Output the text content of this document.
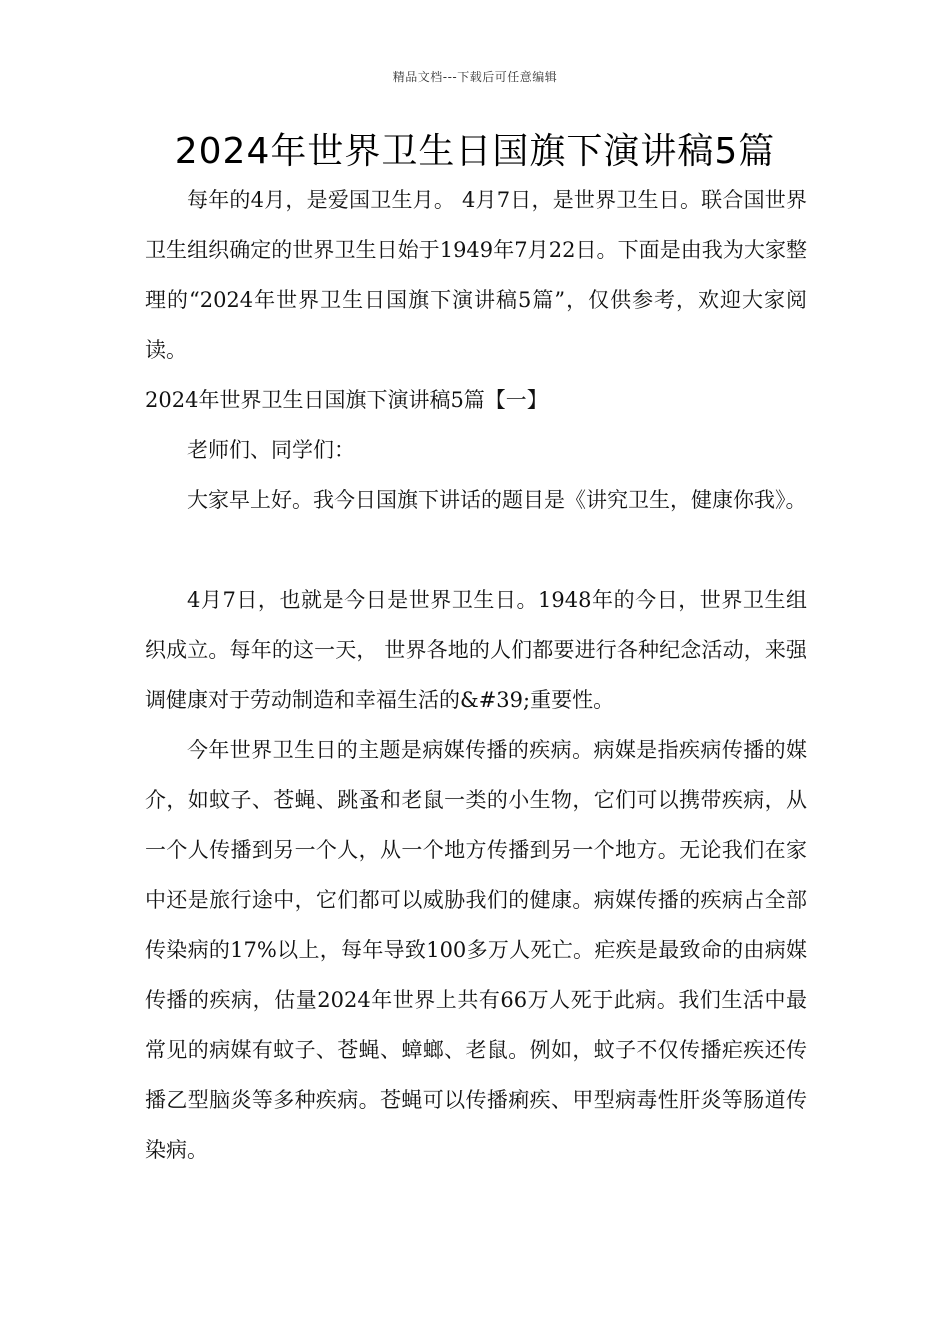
精品文档---下载后可任意编辑
2024年世界卫生日国旗下演讲稿5篇

每年的4月，是爱国卫生月。 4月7日，是世界卫生日。联合国世界卫生组织确定的世界卫生日始于1949年7月22日。下面是由我为大家整理的“2024年世界卫生日国旗下演讲稿5篇”，仅供参考，欢迎大家阅读。

2024年世界卫生日国旗下演讲稿5篇【一】

老师们、同学们：

大家早上好。我今日国旗下讲话的题目是《讲究卫生，健康你我》。

4月7日，也就是今日是世界卫生日。1948年的今日，世界卫生组织成立。每年的这一天， 世界各地的人们都要进行各种纪念活动，来强调健康对于劳动制造和幸福生活的&#39;重要性。

今年世界卫生日的主题是病媒传播的疾病。病媒是指疾病传播的媒介，如蚊子、苍蝇、跳蚤和老鼠一类的小生物，它们可以携带疾病，从一个人传播到另一个人，从一个地方传播到另一个地方。无论我们在家中还是旅行途中，它们都可以威胁我们的健康。病媒传播的疾病占全部传染病的17%以上，每年导致100多万人死亡。疟疾是最致命的由病媒传播的疾病，估量2024年世界上共有66万人死于此病。我们生活中最常见的病媒有蚊子、苍蝇、蟑螂、老鼠。例如，蚊子不仅传播疟疾还传播乙型脑炎等多种疾病。苍蝇可以传播痢疾、甲型病毒性肝炎等肠道传染病。
